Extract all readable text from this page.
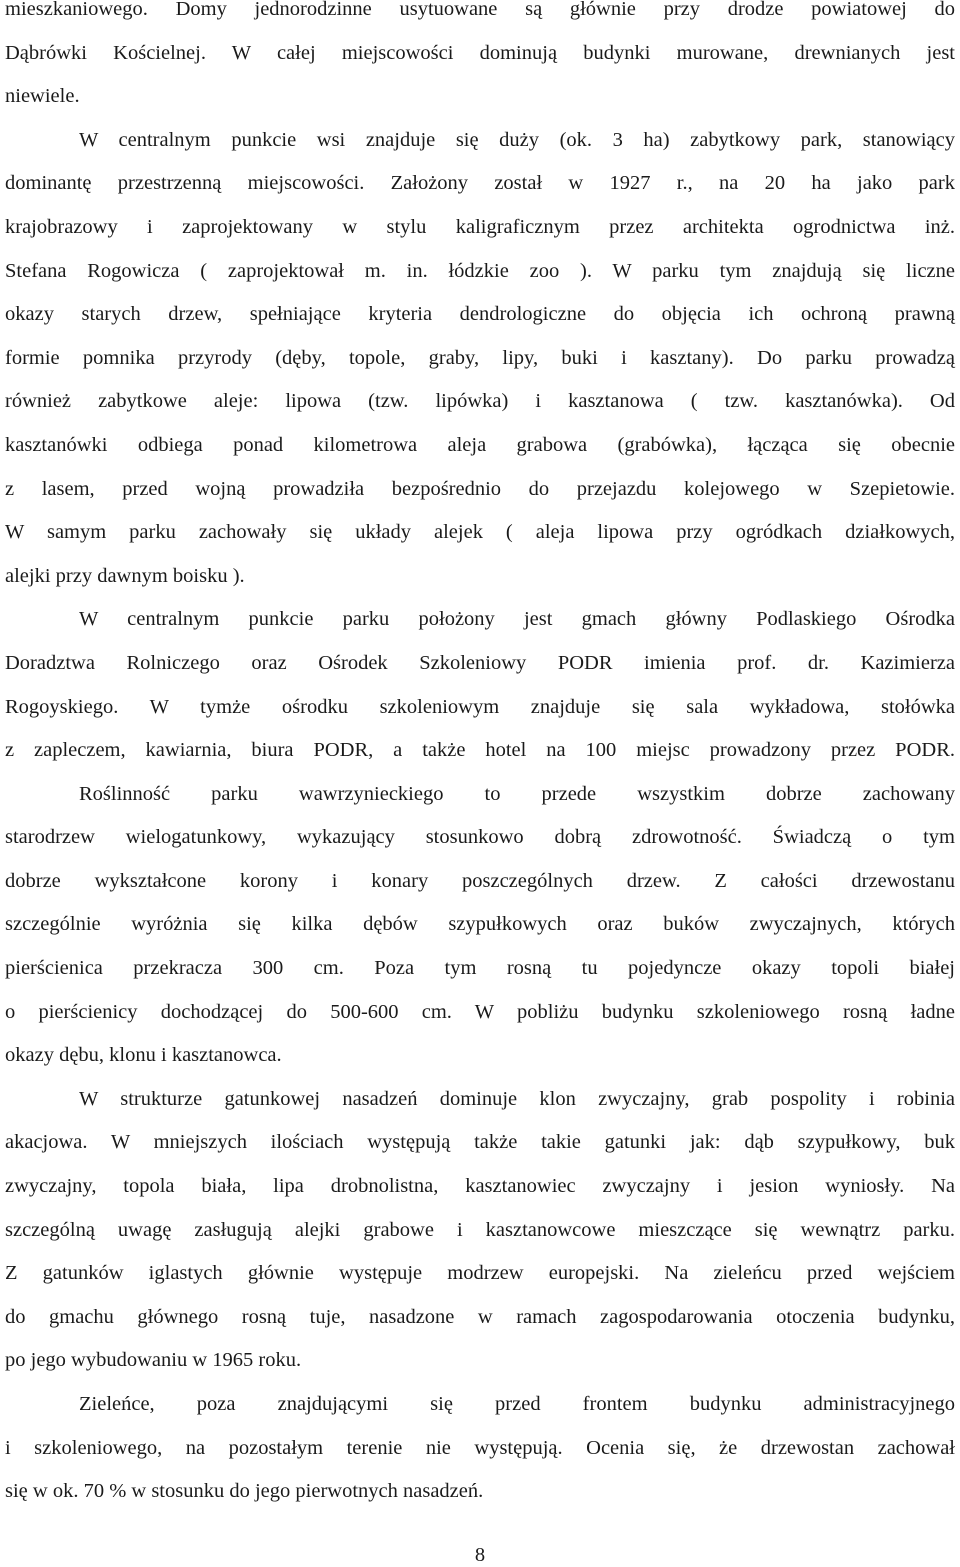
mieszkaniowego. Domy jednorodzinne usytuowane są głównie przy drodze powiatowej do
Dąbrówki Kościelnej. W całej miejscowości dominują budynki murowane, drewnianych jest
niewiele.
W centralnym punkcie wsi znajduje się duży (ok. 3 ha) zabytkowy park, stanowiący
dominantę przestrzenną miejscowości. Założony został w 1927 r., na 20 ha jako park
krajobrazowy i zaprojektowany w stylu kaligraficznym przez architekta ogrodnictwa inż.
Stefana Rogowicza ( zaprojektował m. in. łódzkie zoo ). W parku tym znajdują się liczne
okazy starych drzew, spełniające kryteria dendrologiczne do objęcia ich ochroną prawną
formie pomnika przyrody (dęby, topole, graby, lipy, buki i kasztany). Do parku prowadzą
również zabytkowe aleje: lipowa (tzw. lipówka) i kasztanowa ( tzw. kasztanówka). Od
kasztanówki odbiega ponad kilometrowa aleja grabowa (grabówka), łącząca się obecnie
z lasem, przed wojną prowadziła bezpośrednio do przejazdu kolejowego w Szepietowie.
W samym parku zachowały się układy alejek ( aleja lipowa przy ogródkach działkowych,
alejki przy dawnym boisku ).
W centralnym punkcie parku położony jest gmach główny Podlaskiego Ośrodka
Doradztwa Rolniczego oraz Ośrodek Szkoleniowy PODR imienia prof. dr. Kazimierza
Rogoyskiego. W tymże ośrodku szkoleniowym znajduje się sala wykładowa, stołówka
z zapleczem, kawiarnia, biura PODR, a także hotel na 100 miejsc prowadzony przez PODR.
Roślinność parku wawrzynieckiego to przede wszystkim dobrze zachowany
starodrzew wielogatunkowy, wykazujący stosunkowo dobrą zdrowotność. Świadczą o tym
dobrze wykształcone korony i konary poszczególnych drzew. Z całości drzewostanu
szczególnie wyróżnia się kilka dębów szypułkowych oraz buków zwyczajnych, których
pierścienica przekracza 300 cm. Poza tym rosną tu pojedyncze okazy topoli białej
o pierścienicy dochodzącej do 500-600 cm. W pobliżu budynku szkoleniowego rosną ładne
okazy dębu, klonu i kasztanowca.
W strukturze gatunkowej nasadzeń dominuje klon zwyczajny, grab pospolity i robinia
akacjowa. W mniejszych ilościach występują także takie gatunki jak: dąb szypułkowy, buk
zwyczajny, topola biała, lipa drobnolistna, kasztanowiec zwyczajny i jesion wyniosły. Na
szczególną uwagę zasługują alejki grabowe i kasztanowcowe mieszczące się wewnątrz parku.
Z gatunków iglastych głównie występuje modrzew europejski. Na zieleńcu przed wejściem
do gmachu głównego rosną tuje, nasadzone w ramach zagospodarowania otoczenia budynku,
po jego wybudowaniu w 1965 roku.
Zieleńce, poza znajdującymi się przed frontem budynku administracyjnego
i szkoleniowego, na pozostałym terenie nie występują. Ocenia się, że drzewostan zachował
się w ok. 70 % w stosunku do jego pierwotnych nasadzeń.
8
